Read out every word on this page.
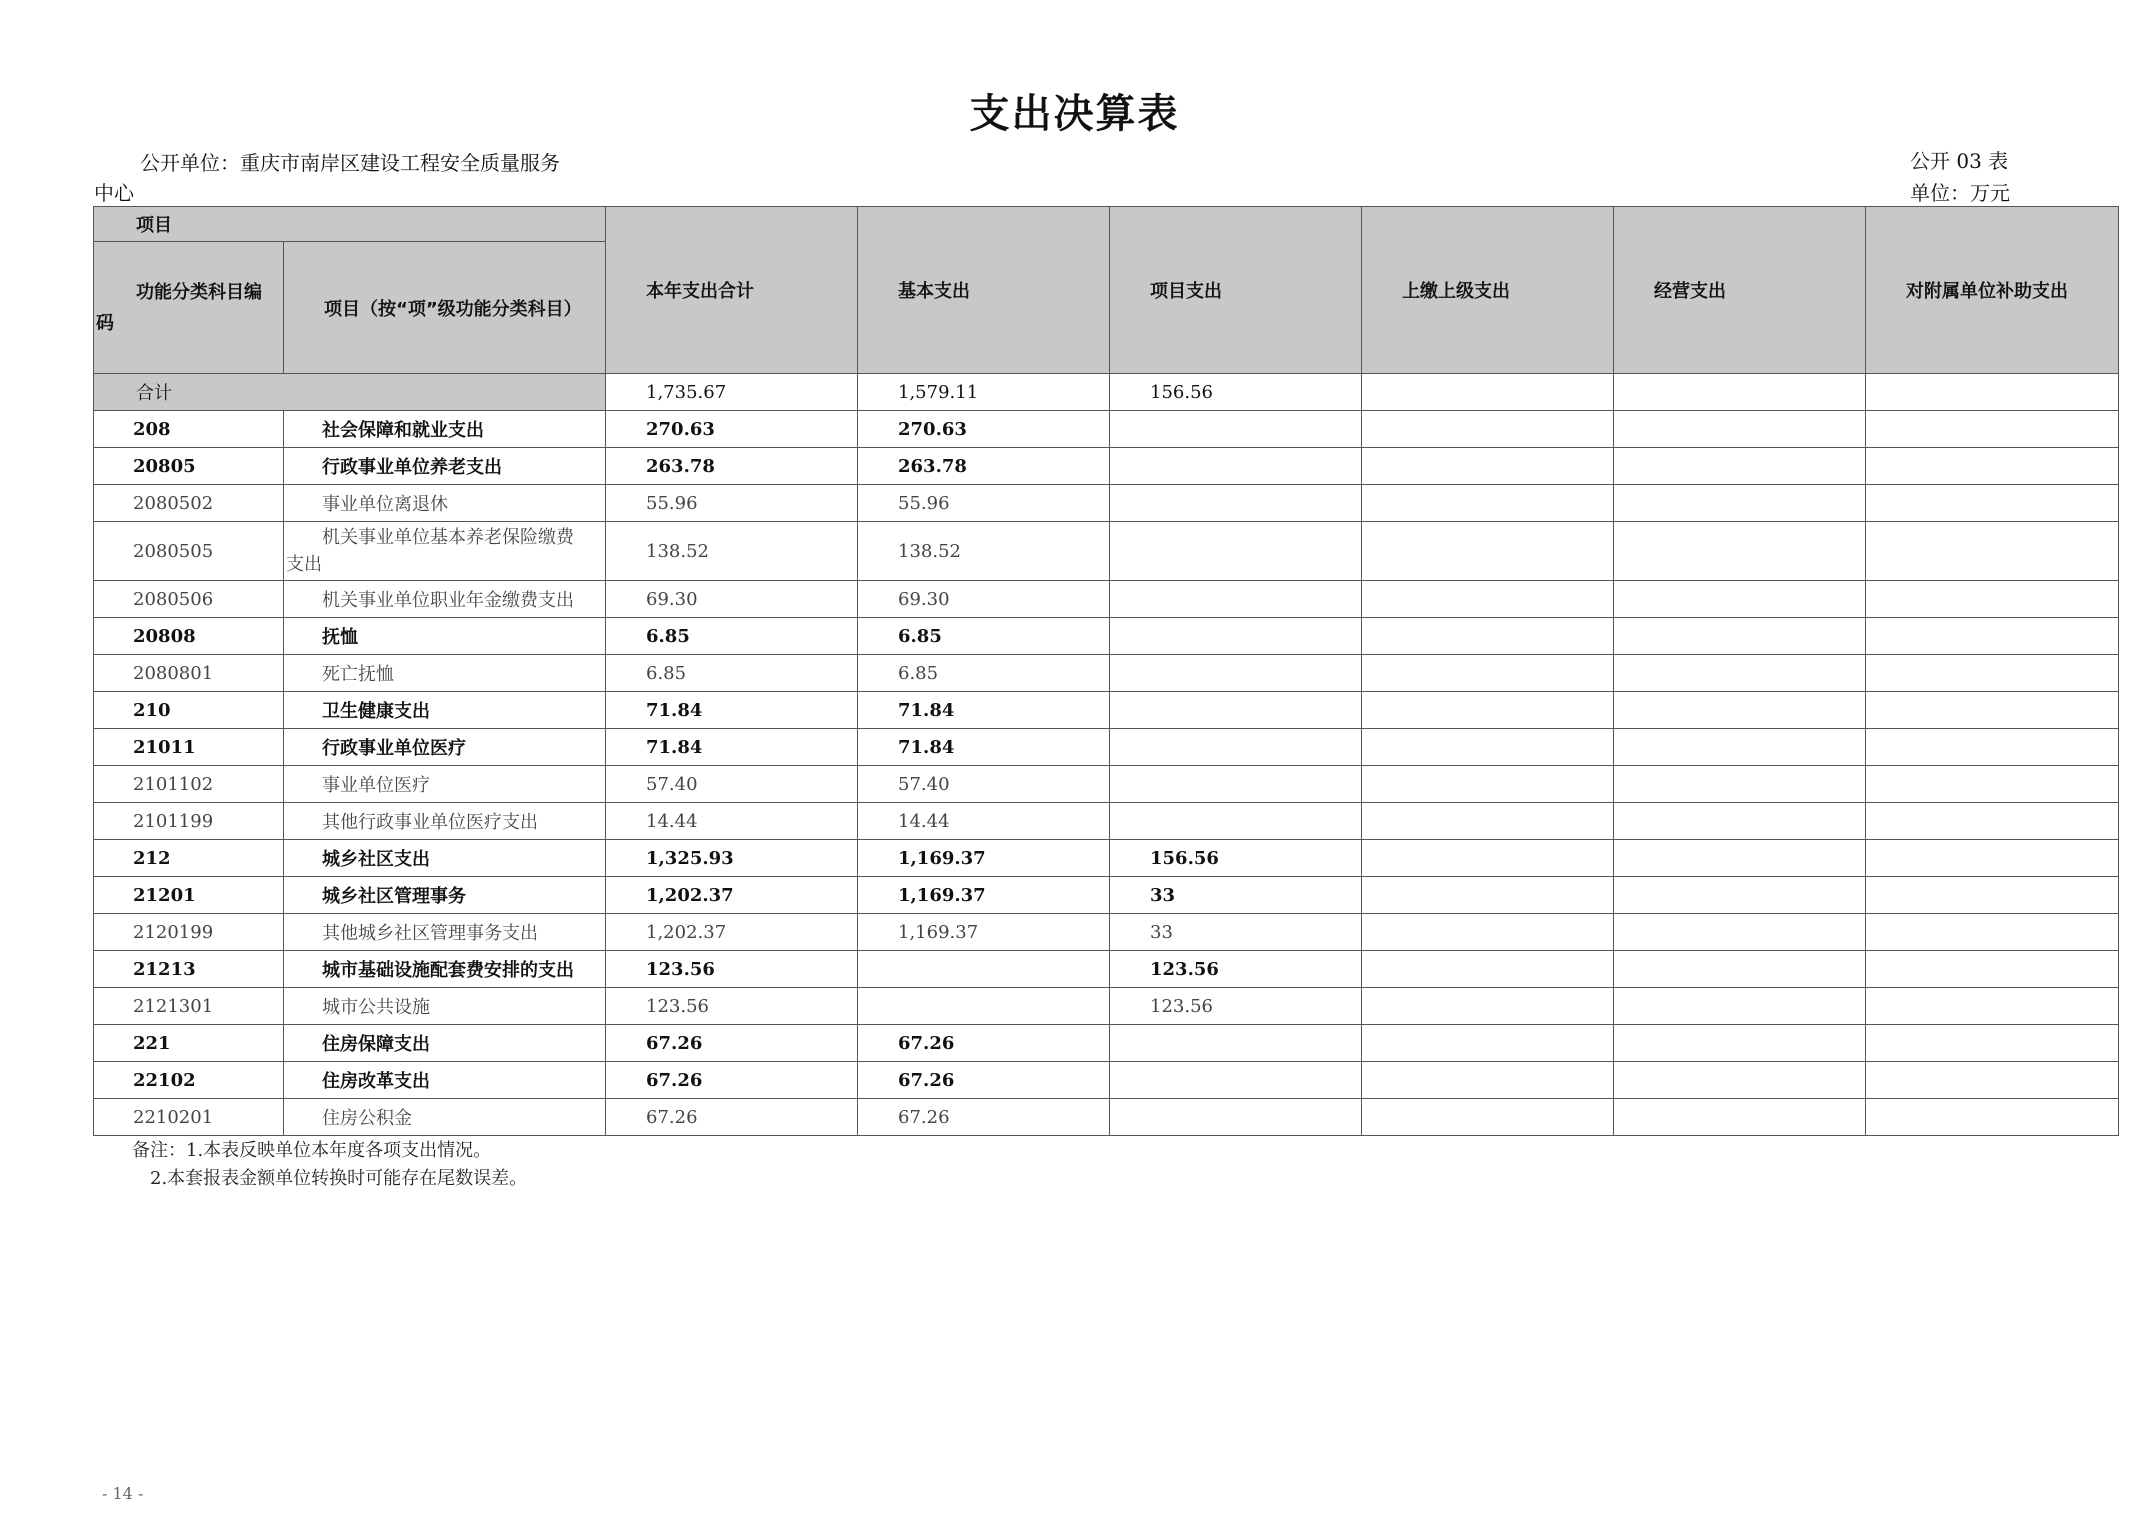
支出决算表
公开单位：重庆市南岸区建设工程安全质量服务
中心
公开 03 表
单位：万元
项目		本年支出合计	基本支出	项目支出	上缴上级支出	经营支出	对附属单位补助支出
功能分类科目编
码	项目（按“项”级功能分类科目）						
合计		1,735.67	1,579.11	156.56			
208	社会保障和就业支出	270.63	270.63				
20805	行政事业单位养老支出	263.78	263.78				
2080502	事业单位离退休	55.96	55.96				
2080505	机关事业单位基本养老保险缴费
支出	138.52	138.52				
2080506	机关事业单位职业年金缴费支出	69.30	69.30				
20808	抚恤	6.85	6.85				
2080801	死亡抚恤	6.85	6.85				
210	卫生健康支出	71.84	71.84				
21011	行政事业单位医疗	71.84	71.84				
2101102	事业单位医疗	57.40	57.40				
2101199	其他行政事业单位医疗支出	14.44	14.44				
212	城乡社区支出	1,325.93	1,169.37	156.56			
21201	城乡社区管理事务	1,202.37	1,169.37	33			
2120199	其他城乡社区管理事务支出	1,202.37	1,169.37	33			
21213	城市基础设施配套费安排的支出	123.56		123.56			
2121301	城市公共设施	123.56		123.56			
221	住房保障支出	67.26	67.26				
22102	住房改革支出	67.26	67.26				
2210201	住房公积金	67.26	67.26				
备注：1.本表反映单位本年度各项支出情况。
2.本套报表金额单位转换时可能存在尾数误差。
- 14 -
